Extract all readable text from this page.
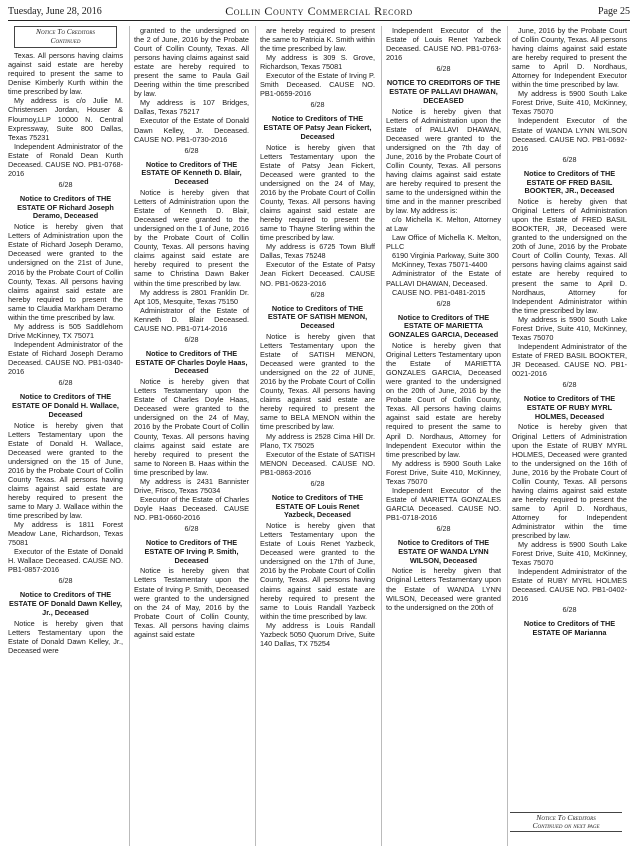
Tuesday, June 28, 2016	Collin County Commercial Record	Page 25
Notice To Creditors
Continued

Texas. All persons having claims against said estate are hereby required to present the same to Denise Kimberly Kurth within the time prescribed by law.

My address is c/o Julie M. Christensen Jordan, Houser & Flournoy,LLP 10000 N. Central Expressway, Suite 800 Dallas, Texas 75231

Independent Administrator of the Estate of Ronald Dean Kurth Deceased. CAUSE NO. PB1-0768-2016

6/28
Notice to Creditors of THE ESTATE OF Richard Joseph Deramo, Deceased

Notice is hereby given that Letters of Administration upon the Estate of Richard Joseph Deramo, Deceased were granted to the undersigned on the 21st of June, 2016 by the Probate Court of Collin County, Texas. All persons having claims against said estate are hereby required to present the same to Claudia Markham Deramo within the time prescribed by law.

My address is 505 Saddlehorn Drive McKinney, TX 75071

Independent Administrator of the Estate of Richard Joseph Deramo Deceased. CAUSE NO. PB1-0340-2016

6/28
Notice to Creditors of THE ESTATE OF Donald H. Wallace, Deceased

Notice is hereby given that Letters Testamentary upon the Estate of Donald H. Wallace, Deceased were granted to the undersigned on the 15 of June, 2016 by the Probate Court of Collin County Texas. All persons having claims against said estate are hereby required to present the same to Mary J. Wallace within the time prescribed by law.

My address is 1811 Forest Meadow Lane, Richardson, Texas 75081

Executor of the Estate of Donald H. Wallace Deceased. CAUSE NO. PB1-0857-2016

6/28
Notice to Creditors of THE ESTATE OF Donald Dawn Kelley, Jr., Deceased

Notice is hereby given that Letters Testamentary upon the Estate of Donald Dawn Kelley, Jr., Deceased were

granted to the undersigned on the 2 of June, 2016 by the Probate Court of Collin County, Texas. All persons having claims against said estate are hereby required to present the same to Paula Gail Deering within the time prescribed by law.

My address is 107 Bridges, Dallas, Texas 75217

Executor of the Estate of Donald Dawn Kelley, Jr. Deceased. CAUSE NO. PB1-0730-2016

6/28
Notice to Creditors of THE ESTATE OF Kenneth D. Blair, Deceased

Notice is hereby given that Letters of Administration upon the Estate of Kenneth D. Blair, Deceased were granted to the undersigned on the 1 of June, 2016 by the Probate Court of Collin County, Texas. All persons having claims against said estate are hereby required to present the same to Christina Dawn Baker within the time prescribed by law.

My address is 2801 Franklin Dr. Apt 105, Mesquite, Texas 75150

Administrator of the Estate of Kenneth D. Blair Deceased. CAUSE NO. PB1-0714-2016

6/28
Notice to Creditors of THE ESTATE OF Charles Doyle Haas, Deceased

Notice is hereby given that Letters Testamentary upon the Estate of Charles Doyle Haas, Deceased were granted to the undersigned on the 24 of May, 2016 by the Probate Court of Collin County, Texas. All persons having claims against said estate are hereby required to present the same to Noreen B. Haas within the time prescribed by law.

My address is 2431 Bannister Drive, Frisco, Texas 75034

Executor of the Estate of Charles Doyle Haas Deceased. CAUSE NO. PB1-0660-2016

6/28
Notice to Creditors of THE ESTATE OF Irving P. Smith, Deceased

Notice is hereby given that Letters Testamentary upon the Estate of Irving P. Smith, Deceased were granted to the undersigned on the 24 of May, 2016 by the Probate Court of Collin County, Texas. All persons having claims against said estate

are hereby required to present the same to Patricia K. Smith within the time prescribed by law.

My address is 309 S. Grove, Richardson, Texas 75081

Executor of the Estate of Irving P. Smith Deceased. CAUSE NO. PB1-0659-2016

6/28
Notice to Creditors of THE ESTATE OF Patsy Jean Fickert, Deceased

Notice is hereby given that Letters Testamentary upon the Estate of Patsy Jean Fickert, Deceased were granted to the undersigned on the 24 of May, 2016 by the Probate Court of Collin County, Texas. All persons having claims against said estate are hereby required to present the same to Thayne Sterling within the time prescribed by law.

My address is 6725 Town Bluff Dallas, Texas 75248

Executor of the Estate of Patsy Jean Fickert Deceased. CAUSE NO. PB1-0623-2016

6/28
Notice to Creditors of THE ESTATE OF SATISH MENON, Deceased

Notice is hereby given that Letters Testamentary upon the Estate of SATISH MENON, Deceased were granted to the undersigned on the 22 of JUNE, 2016 by the Probate Court of Collin County, Texas. All persons having claims against said estate are hereby required to present the same to BELA MENON within the time prescribed by law.

My address is 2528 Cima Hill Dr. Plano, TX 75025

Executor of the Estate of SATISH MENON Deceased. CAUSE NO. PB1-0863-2016

6/28
Notice to Creditors of THE ESTATE OF Louis Renet Yazbeck, Deceased

Notice is hereby given that Letters Testamentary upon the Estate of Louis Renet Yazbeck, Deceased were granted to the undersigned on the 17th of June, 2016 by the Probate Court of Collin County, Texas. All persons having claims against said estate are hereby required to present the same to Louis Randall Yazbeck within the time prescribed by law.

My address is Louis Randall Yazbeck 5050 Quorum Drive, Suite 140 Dallas, TX 75254

Independent Executor of the Estate of Louis Renet Yazbeck Deceased. CAUSE NO. PB1-0763-2016

6/28
NOTICE TO CREDITORS OF THE ESTATE OF PALLAVI DHAWAN, DECEASED

Notice is hereby given that Letters of Administration upon the Estate of PALLAVI DHAWAN, Deceased were granted to the undersigned on the 7th day of June, 2016 by the Probate Court of Collin County, Texas. All persons having claims against said estate are hereby required to present the same to the undersigned within the time and in the manner prescribed by law. My address is:

c/o Michella K. Melton, Attorney at Law

Law Office of Michella K. Melton, PLLC

6190 Virginia Parkway, Suite 300

McKinney, Texas 75071-4400

Administrator of the Estate of PALLAVI DHAWAN, Deceased.

CAUSE NO. PB1-0481-2015

6/28
Notice to Creditors of THE ESTATE OF MARIETTA GONZALES GARCIA, Deceased

Notice is hereby given that Original Letters Testamentary upon the Estate of MARIETTA GONZALES GARCIA, Deceased were granted to the undersigned on the 20th of June, 2016 by the Probate Court of Collin County, Texas. All persons having claims against said estate are hereby required to present the same to April D. Nordhaus, Attorney for Independent Executor within the time prescribed by law.

My address is 5900 South Lake Forest Drive, Suite 410, McKinney, Texas 75070

Independent Executor of the Estate of MARIETTA GONZALES GARCIA Deceased. CAUSE NO. PB1-0718-2016

6/28
Notice to Creditors of THE ESTATE OF WANDA LYNN WILSON, Deceased

Notice is hereby given that Original Letters Testamentary upon the Estate of WANDA LYNN WILSON, Deceased were granted to the undersigned on the 20th of

June, 2016 by the Probate Court of Collin County, Texas. All persons having claims against said estate are hereby required to present the same to April D. Nordhaus, Attorney for Independent Executor within the time prescribed by law.

My address is 5900 South Lake Forest Drive, Suite 410, McKinney, Texas 75070

Independent Executor of the Estate of WANDA LYNN WILSON Deceased. CAUSE NO. PB1-0692-2016

6/28
Notice to Creditors of THE ESTATE OF FRED BASIL BOOKTER, JR., Deceased

Notice is hereby given that Original Letters of Administration upon the Estate of FRED BASIL BOOKTER, JR, Deceased were granted to the undersigned on the 20th of June, 2016 by the Probate Court of Collin County, Texas. All persons having claims against said estate are hereby required to present the same to April D. Nordhaus, Attorney for Independent Administrator within the time prescribed by law.

My address is 5900 South Lake Forest Drive, Suite 410, McKinney, Texas 75070

Independent Administrator of the Estate of FRED BASIL BOOKTER, JR Deceased. CAUSE NO. PB1-0021-2016

6/28
Notice to Creditors of THE ESTATE OF RUBY MYRL HOLMES, Deceased

Notice is hereby given that Original Letters of Administration upon the Estate of RUBY MYRL HOLMES, Deceased were granted to the undersigned on the 16th of June, 2016 by the Probate Court of Collin County, Texas. All persons having claims against said estate are hereby required to present the same to April D. Nordhaus, Attorney for Independent Administrator within the time prescribed by law.

My address is 5900 South Lake Forest Drive, Suite 410, McKinney, Texas 75070

Independent Administrator of the Estate of RUBY MYRL HOLMES Deceased. CAUSE NO. PB1-0402-2016

6/28
Notice to Creditors of THE ESTATE OF Marianna
Notice To Creditors
Continued on next page
